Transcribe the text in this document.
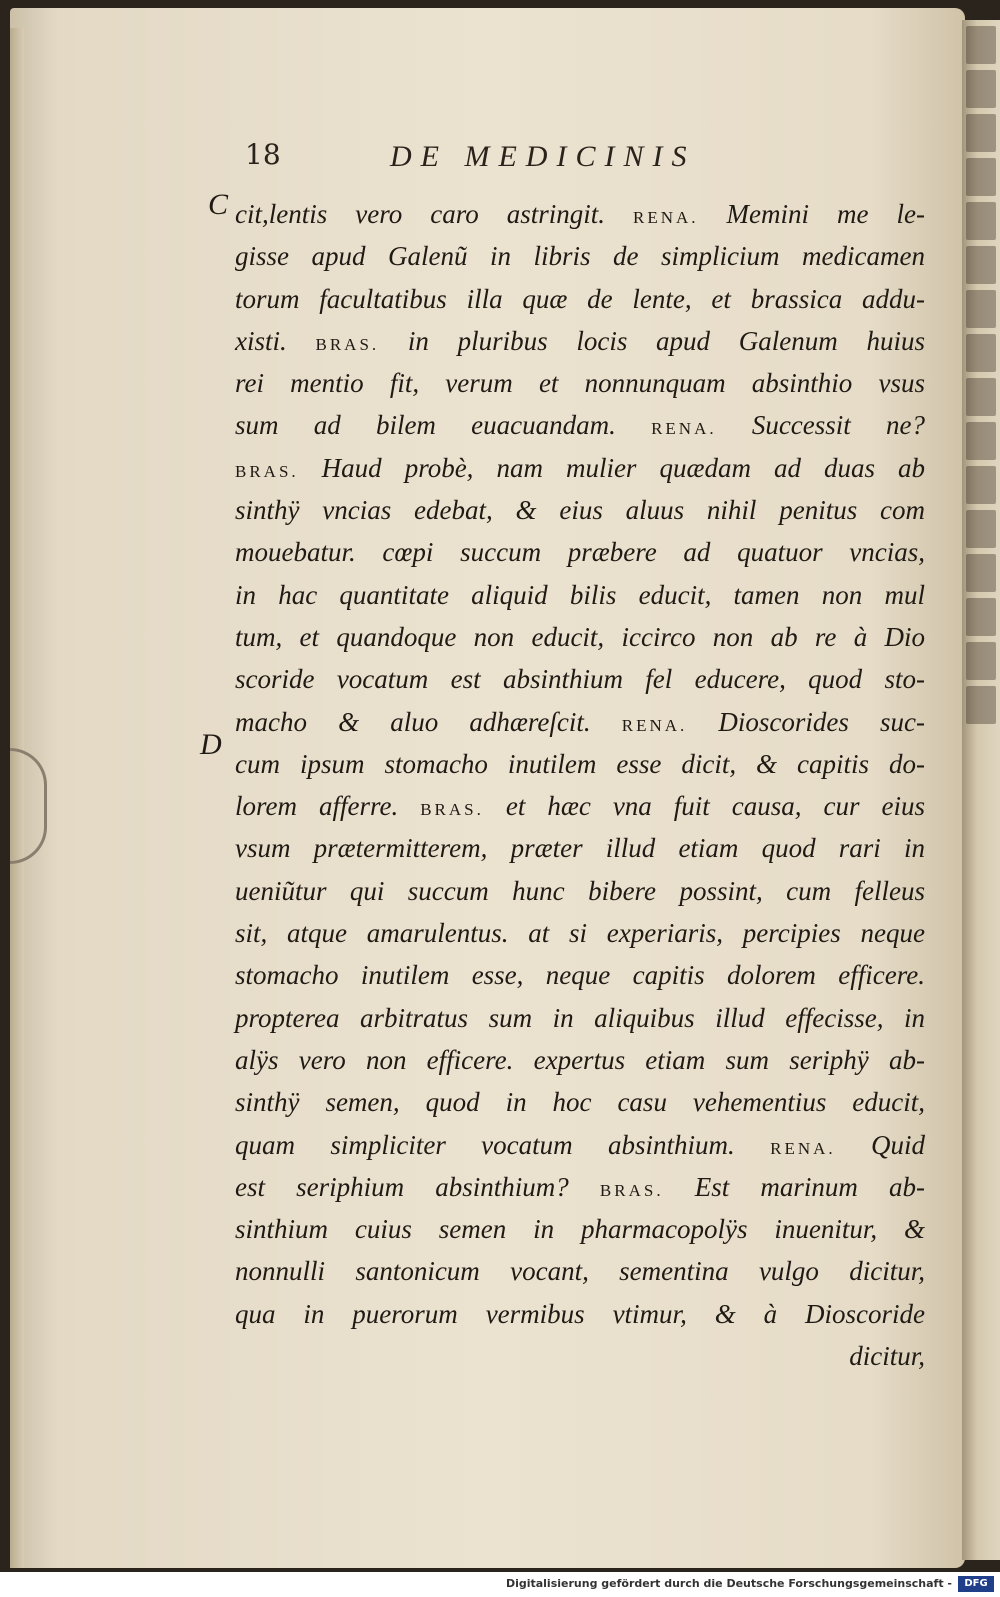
18	DE MEDICINIS
C
D
cit,lentis vero caro astringit. RENA. Memini me le-
gisse apud Galenũ in libris de simplicium medicamen
torum facultatibus illa quæ de lente, et brassica addu-
xisti. BRAS. in pluribus locis apud Galenum huius
rei mentio fit, verum et nonnunquam absinthio vsus
sum ad bilem euacuandam. RENA. Successit ne?
BRAS. Haud probè, nam mulier quædam ad duas ab
sinthÿ vncias edebat, & eius aluus nihil penitus com
mouebatur. cœpi succum præbere ad quatuor vncias,
in hac quantitate aliquid bilis educit, tamen non mul
tum, et quandoque non educit, iccirco non ab re à Dio
scoride vocatum est absinthium fel educere, quod sto-
macho & aluo adhæreſcit. RENA. Dioscorides suc-
cum ipsum stomacho inutilem esse dicit, & capitis do-
lorem afferre. BRAS. et hæc vna fuit causa, cur eius
vsum prætermitterem, præter illud etiam quod rari in
ueniũtur qui succum hunc bibere possint, cum felleus
sit, atque amarulentus. at si experiaris, percipies neque
stomacho inutilem esse, neque capitis dolorem efficere.
propterea arbitratus sum in aliquibus illud effecisse, in
alÿs vero non efficere. expertus etiam sum seriphÿ ab-
sinthÿ semen, quod in hoc casu vehementius educit,
quam simpliciter vocatum absinthium. RENA. Quid
est seriphium absinthium? BRAS. Est marinum ab-
sinthium cuius semen in pharmacopolÿs inuenitur, &
nonnulli santonicum vocant, sementina vulgo dicitur,
qua in puerorum vermibus vtimur, & à Dioscoride
dicitur,
Digitalisierung gefördert durch die Deutsche Forschungsgemeinschaft -	DFG
